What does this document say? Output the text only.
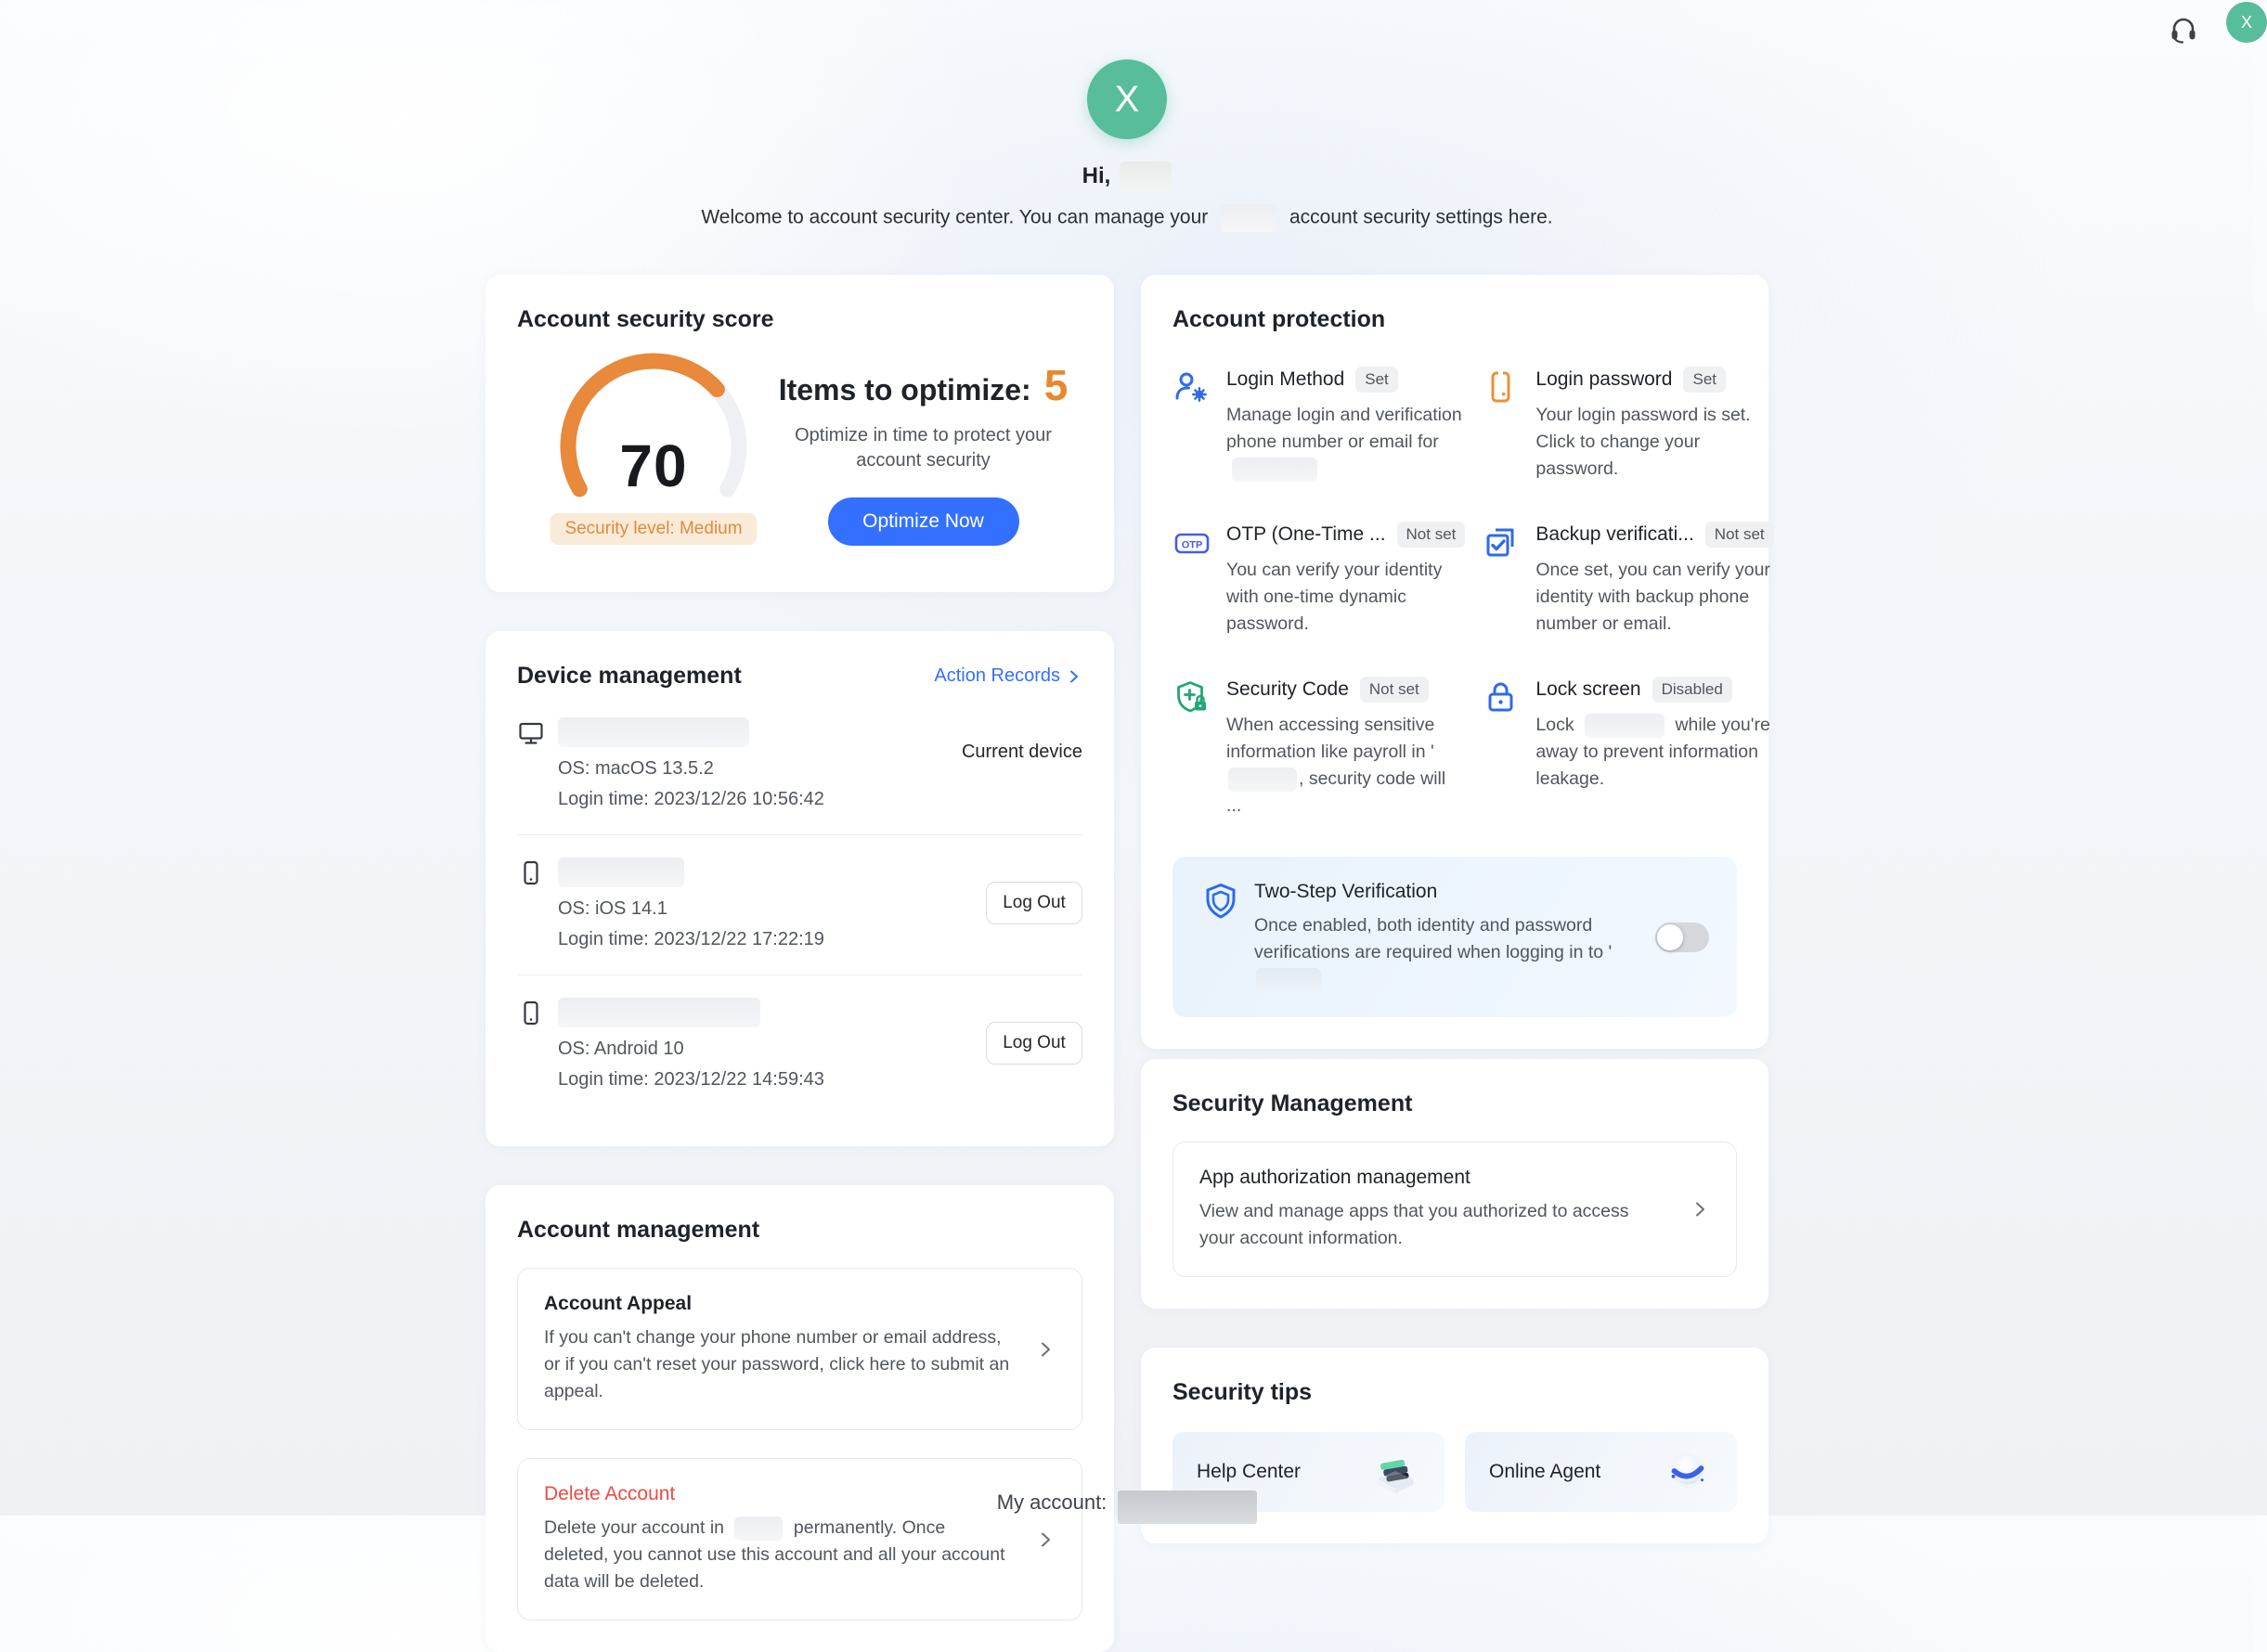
X
X
Hi,
Welcome to account security center. You can manage your	account security settings here.
Account security score
70
Security level: Medium
Items to optimize: 5
Optimize in time to protect your account security
Optimize Now
Device management	Action Records
OS: macOS 13.5.2
Login time: 2023/12/26 10:56:42
Current device
OS: iOS 14.1
Login time: 2023/12/22 17:22:19
Log Out
OS: Android 10
Login time: 2023/12/22 14:59:43
Log Out
Account management
Account Appeal
If you can't change your phone number or email address, or if you can't reset your password, click here to submit an appeal.
Delete Account
Delete your account in	permanently. Once deleted, you cannot use this account and all your account data will be deleted.
Account protection
Login Method	Set
Manage login and verification phone number or email for
Login password	Set
Your login password is set. Click to change your password.
OTP
OTP (One-Time ...	Not set
You can verify your identity with one-time dynamic password.
Backup verificati...	Not set
Once set, you can verify your identity with backup phone number or email.
Security Code	Not set
When accessing sensitive information like payroll in ', security code will ...
Lock screen	Disabled
Lock	while you're away to prevent information leakage.
Two-Step Verification
Once enabled, both identity and password verifications are required when logging in to '
Security Management
App authorization management
View and manage apps that you authorized to access your account information.
Security tips
Help Center	Online Agent
My account:
